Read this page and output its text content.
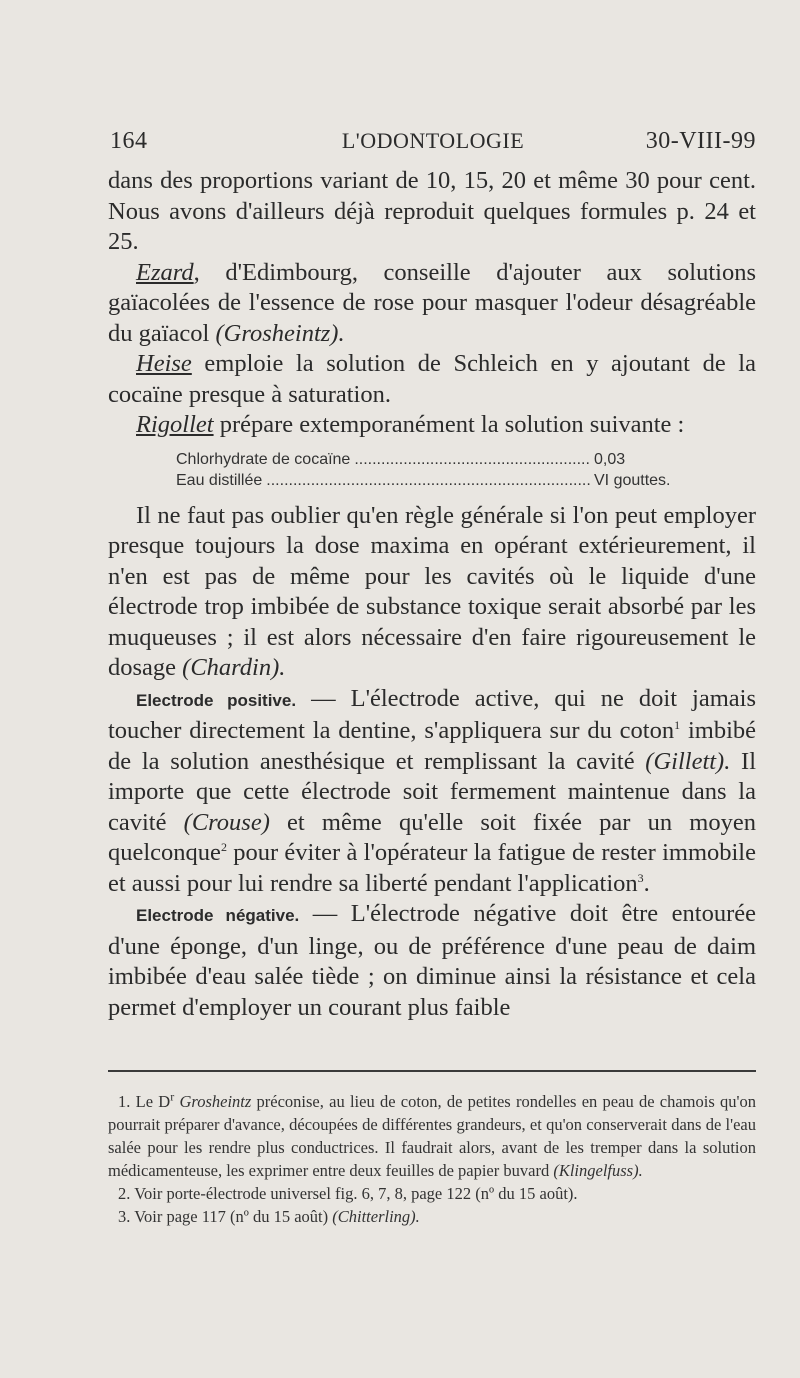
164	L'ODONTOLOGIE	30-VIII-99

dans des proportions variant de 10, 15, 20 et même 30 pour cent. Nous avons d'ailleurs déjà reproduit quelques formules p. 24 et 25.

Ezard, d'Edimbourg, conseille d'ajouter aux solutions gaïacolées de l'essence de rose pour masquer l'odeur désagréable du gaïacol (Grosheintz).

Heise emploie la solution de Schleich en y ajoutant de la cocaïne presque à saturation.

Rigollet prépare extemporanément la solution suivante :

Chlorhydrate de cocaïne .....	0,03
Eau distillée .....	VI gouttes.

Il ne faut pas oublier qu'en règle générale si l'on peut employer presque toujours la dose maxima en opérant extérieurement, il n'en est pas de même pour les cavités où le liquide d'une électrode trop imbibée de substance toxique serait absorbé par les muqueuses ; il est alors nécessaire d'en faire rigoureusement le dosage (Chardin).

Electrode positive. — L'électrode active, qui ne doit jamais toucher directement la dentine, s'appliquera sur du coton$^1$ imbibé de la solution anesthésique et remplissant la cavité (Gillett). Il importe que cette électrode soit fermement maintenue dans la cavité (Crouse) et même qu'elle soit fixée par un moyen quelconque$^2$ pour éviter à l'opérateur la fatigue de rester immobile et aussi pour lui rendre sa liberté pendant l'application$^3$.

Electrode négative. — L'électrode négative doit être entourée d'une éponge, d'un linge, ou de préférence d'une peau de daim imbibée d'eau salée tiède ; on diminue ainsi la résistance et cela permet d'employer un courant plus faible

1. Le $D^r$ Grosheintz préconise, au lieu de coton, de petites rondelles en peau de chamois qu'on pourrait préparer d'avance, découpées de différentes grandeurs, et qu'on conserverait dans de l'eau salée pour les rendre plus conductrices. Il faudrait alors, avant de les tremper dans la solution médicamenteuse, les exprimer entre deux feuilles de papier buvard (Klingelfuss).

2. Voir porte-électrode universel fig. 6, 7, 8, page 122 (nº du 15 août).

3. Voir page 117 (nº du 15 août) (Chitterling).
